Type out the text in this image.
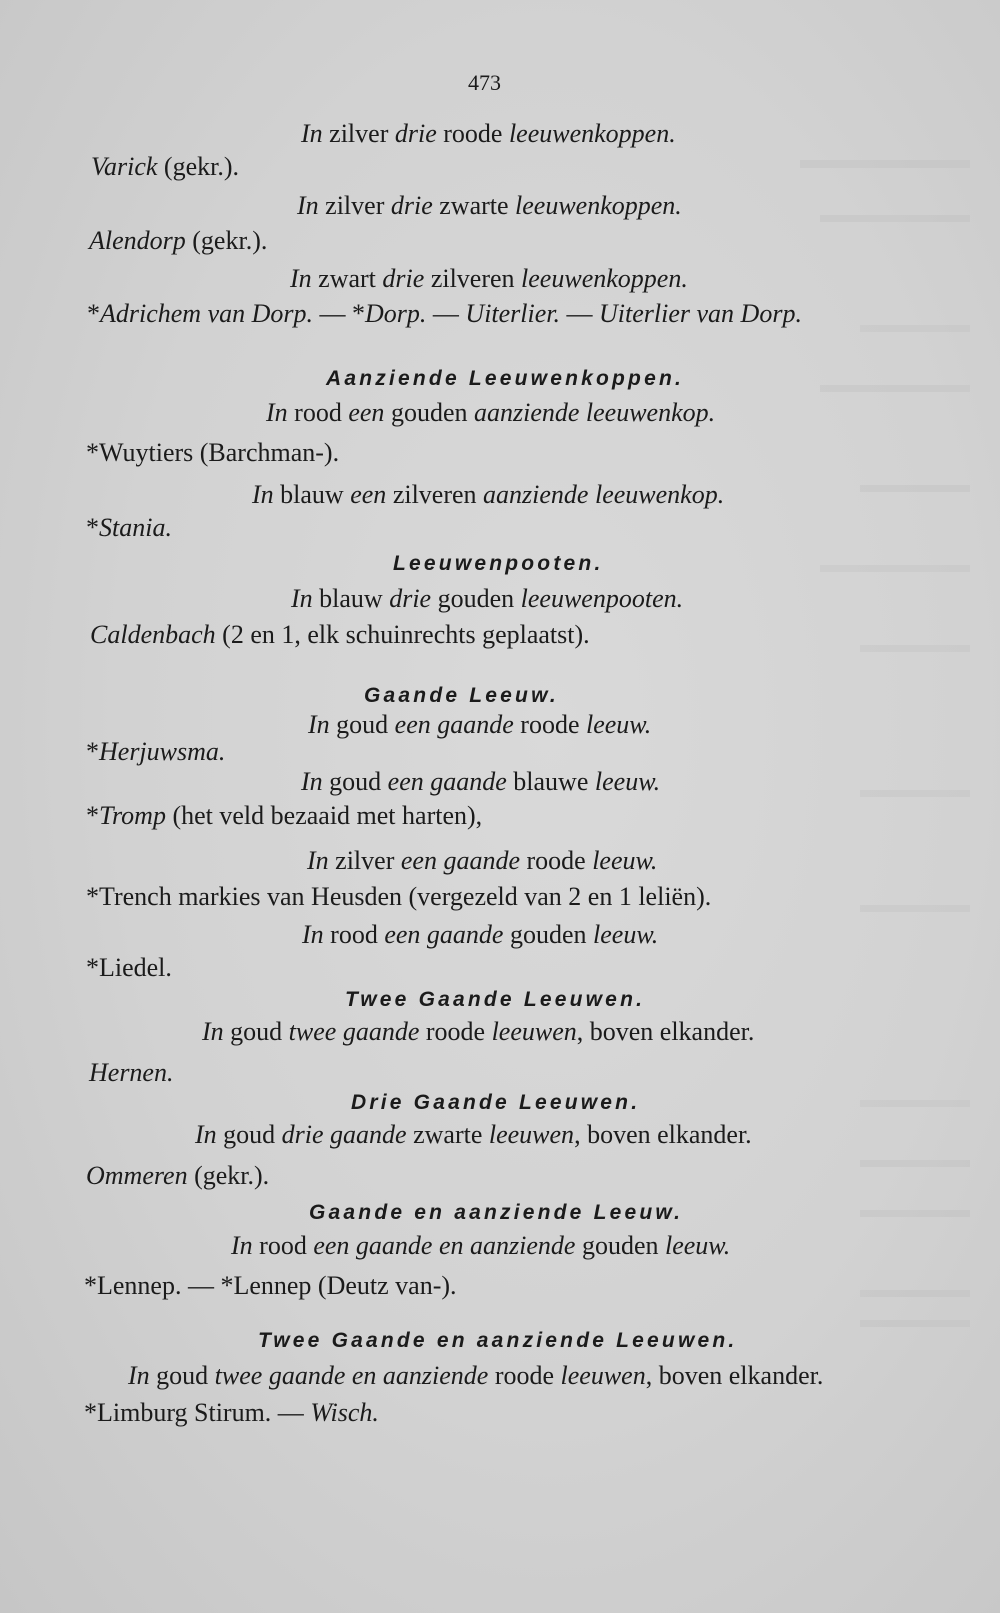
473
In zilver drie roode leeuwenkoppen.
Varick (gekr.).
In zilver drie zwarte leeuwenkoppen.
Alendorp (gekr.).
In zwart drie zilveren leeuwenkoppen.
*Adrichem van Dorp. — *Dorp. — Uiterlier. — Uiterlier van Dorp.
Aanziende Leeuwenkoppen.
In rood een gouden aanziende leeuwenkop.
*Wuytiers (Barchman-).
In blauw een zilveren aanziende leeuwenkop.
*Stania.
Leeuwenpooten.
In blauw drie gouden leeuwenpooten.
Caldenbach (2 en 1, elk schuinrechts geplaatst).
Gaande Leeuw.
In goud een gaande roode leeuw.
*Herjuwsma.
In goud een gaande blauwe leeuw.
*Tromp (het veld bezaaid met harten),
In zilver een gaande roode leeuw.
*Trench markies van Heusden (vergezeld van 2 en 1 leliën).
In rood een gaande gouden leeuw.
*Liedel.
Twee Gaande Leeuwen.
In goud twee gaande roode leeuwen, boven elkander.
Hernen.
Drie Gaande Leeuwen.
In goud drie gaande zwarte leeuwen, boven elkander.
Ommeren (gekr.).
Gaande en aanziende Leeuw.
In rood een gaande en aanziende gouden leeuw.
*Lennep. — *Lennep (Deutz van-).
Twee Gaande en aanziende Leeuwen.
In goud twee gaande en aanziende roode leeuwen, boven elkander.
*Limburg Stirum. — Wisch.
